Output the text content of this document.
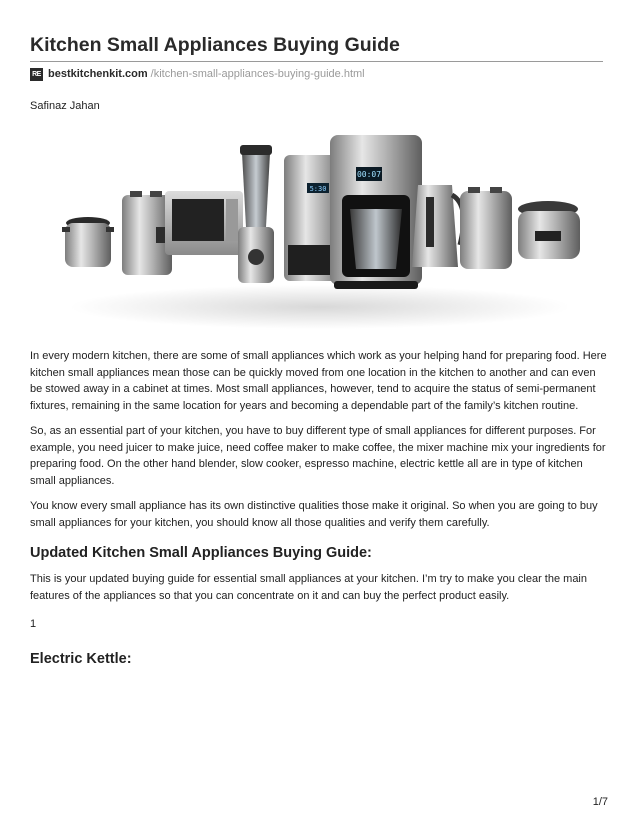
Kitchen Small Appliances Buying Guide
RE bestkitchenkit.com /kitchen-small-appliances-buying-guide.html

Safinaz Jahan

5:30
00:07

In every modern kitchen, there are some of small appliances which work as your helping hand for preparing food. Here kitchen small appliances mean those can be quickly moved from one location in the kitchen to another and can even be stowed away in a cabinet at times. Most small appliances, however, tend to acquire the status of semi-permanent fixtures, remaining in the same location for years and becoming a dependable part of the family’s kitchen routine.

So, as an essential part of your kitchen, you have to buy different type of small appliances for different purposes. For example, you need juicer to make juice, need coffee maker to make coffee, the mixer machine mix your ingredients for preparing food. On the other hand blender, slow cooker, espresso machine, electric kettle all are in type of kitchen small appliances.

You know every small appliance has its own distinctive qualities those make it original. So when you are going to buy small appliances for your kitchen, you should know all those qualities and verify them carefully.

Updated Kitchen Small Appliances Buying Guide:

This is your updated buying guide for essential small appliances at your kitchen. I’m try to make you clear the main features of the appliances so that you can concentrate on it and can buy the perfect product easily.

1

Electric Kettle:
1/7
